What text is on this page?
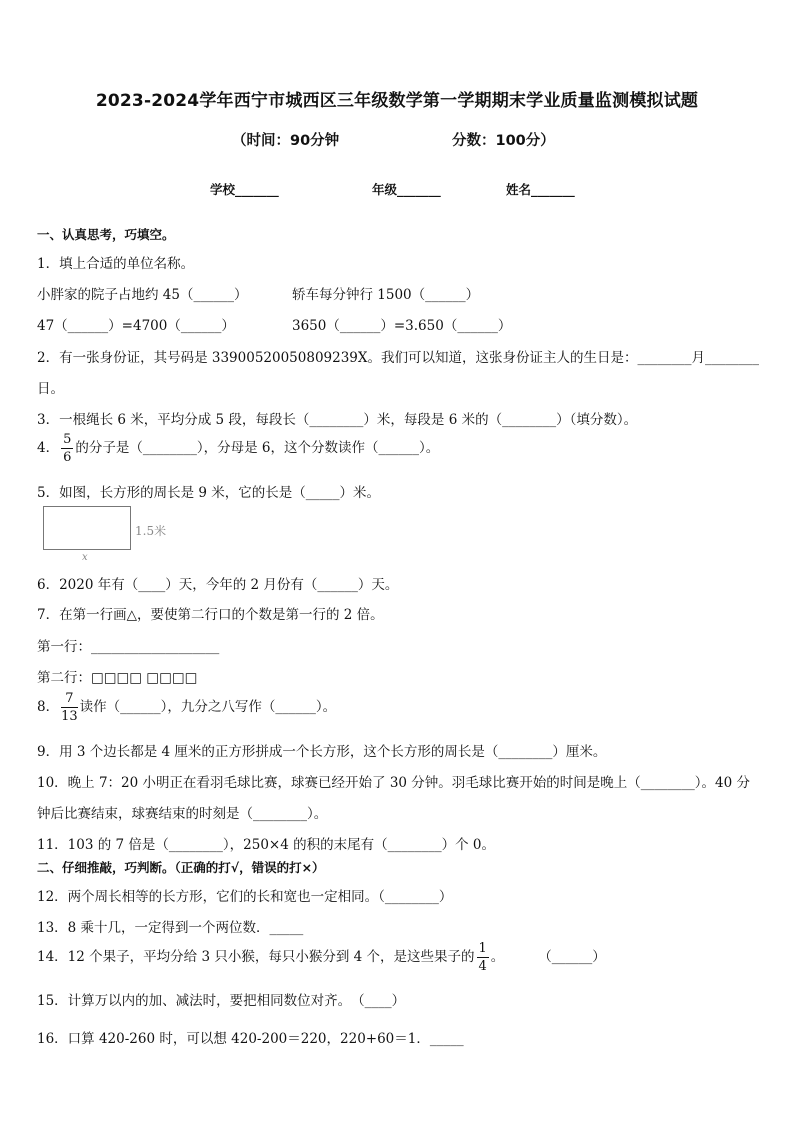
2023-2024学年西宁市城西区三年级数学第一学期期末学业质量监测模拟试题
（时间：90分钟	分数：100分）
学校_______	年级_______	姓名_______
一、认真思考，巧填空。
1．填上合适的单位名称。
小胖家的院子占地约 45（______）	轿车每分钟行 1500（______）
47（______）=4700（______）	3650（______）=3.650（______）
2．有一张身份证，其号码是 33900520050809239X。我们可以知道，这张身份证主人的生日是：________月________
日。
3．一根绳长 6 米，平均分成 5 段，每段长（________）米，每段是 6 米的（________）（填分数）。
4． $\frac{5}{6}$ 的分子是（________），分母是 6，这个分数读作（______）。
5．如图，长方形的周长是 9 米，它的长是（_____）米。
1.5米
x
6．2020 年有（____）天，今年的 2 月份有（______）天。
7．在第一行画△，要使第二行口的个数是第一行的 2 倍。
第一行：___________________
第二行：□□□□ □□□□
8． $\frac{7}{13}$ 读作（______），九分之八写作（______）。
9．用 3 个边长都是 4 厘米的正方形拼成一个长方形，这个长方形的周长是（________）厘米。
10．晚上 7：20 小明正在看羽毛球比赛，球赛已经开始了 30 分钟。羽毛球比赛开始的时间是晚上（________）。40 分
钟后比赛结束，球赛结束的时刻是（________）。
11．103 的 7 倍是（________），250×4 的积的末尾有（________）个 0。
二、仔细推敲，巧判断。（正确的打√，错误的打×）
12．两个周长相等的长方形，它们的长和宽也一定相同。（________）
13．8 乘十几，一定得到一个两位数．_____
14．12 个果子，平均分给 3 只小猴，每只小猴分到 4 个，是这些果子的 $\frac{1}{4}$ 。	（______）
15．计算万以内的加、减法时，要把相同数位对齐。　（____）
16．口算 420-260 时，可以想 420-200＝220，220+60＝1．_____
